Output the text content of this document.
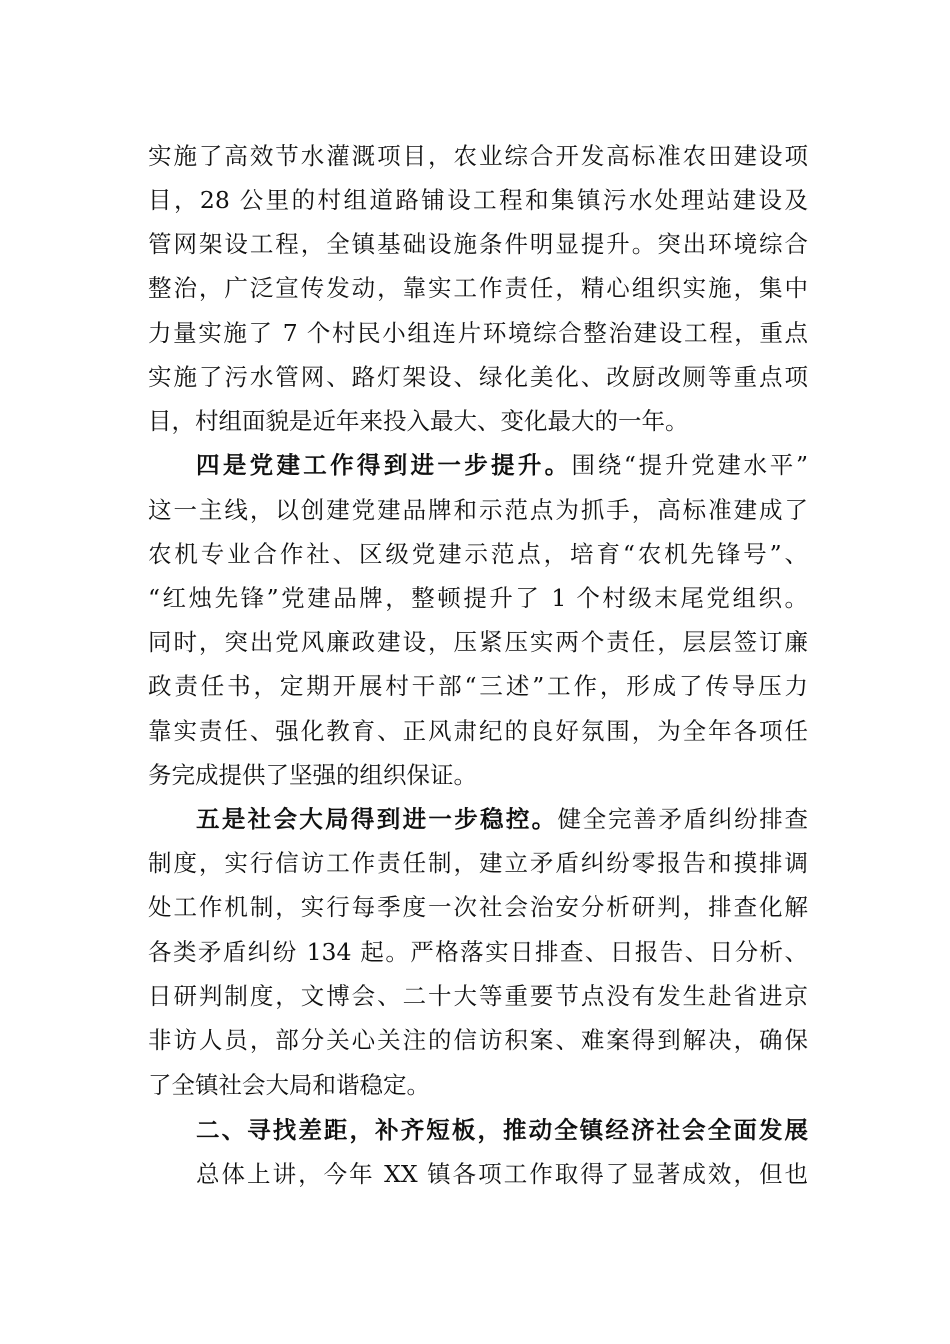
实施了高效节水灌溉项目，农业综合开发高标准农田建设项
目，28 公里的村组道路铺设工程和集镇污水处理站建设及
管网架设工程，全镇基础设施条件明显提升。突出环境综合
整治，广泛宣传发动，靠实工作责任，精心组织实施，集中
力量实施了 7 个村民小组连片环境综合整治建设工程，重点
实施了污水管网、路灯架设、绿化美化、改厨改厕等重点项
目，村组面貌是近年来投入最大、变化最大的一年。
四是党建工作得到进一步提升。围绕“提升党建水平”
这一主线，以创建党建品牌和示范点为抓手，高标准建成了
农机专业合作社、区级党建示范点，培育“农机先锋号”、
“红烛先锋”党建品牌，整顿提升了 1 个村级末尾党组织。
同时，突出党风廉政建设，压紧压实两个责任，层层签订廉
政责任书，定期开展村干部“三述”工作，形成了传导压力
靠实责任、强化教育、正风肃纪的良好氛围，为全年各项任
务完成提供了坚强的组织保证。
五是社会大局得到进一步稳控。健全完善矛盾纠纷排查
制度，实行信访工作责任制，建立矛盾纠纷零报告和摸排调
处工作机制，实行每季度一次社会治安分析研判，排查化解
各类矛盾纠纷 134 起。严格落实日排查、日报告、日分析、
日研判制度，文博会、二十大等重要节点没有发生赴省进京
非访人员，部分关心关注的信访积案、难案得到解决，确保
了全镇社会大局和谐稳定。
二、寻找差距，补齐短板，推动全镇经济社会全面发展
总体上讲，今年 XX 镇各项工作取得了显著成效，但也
